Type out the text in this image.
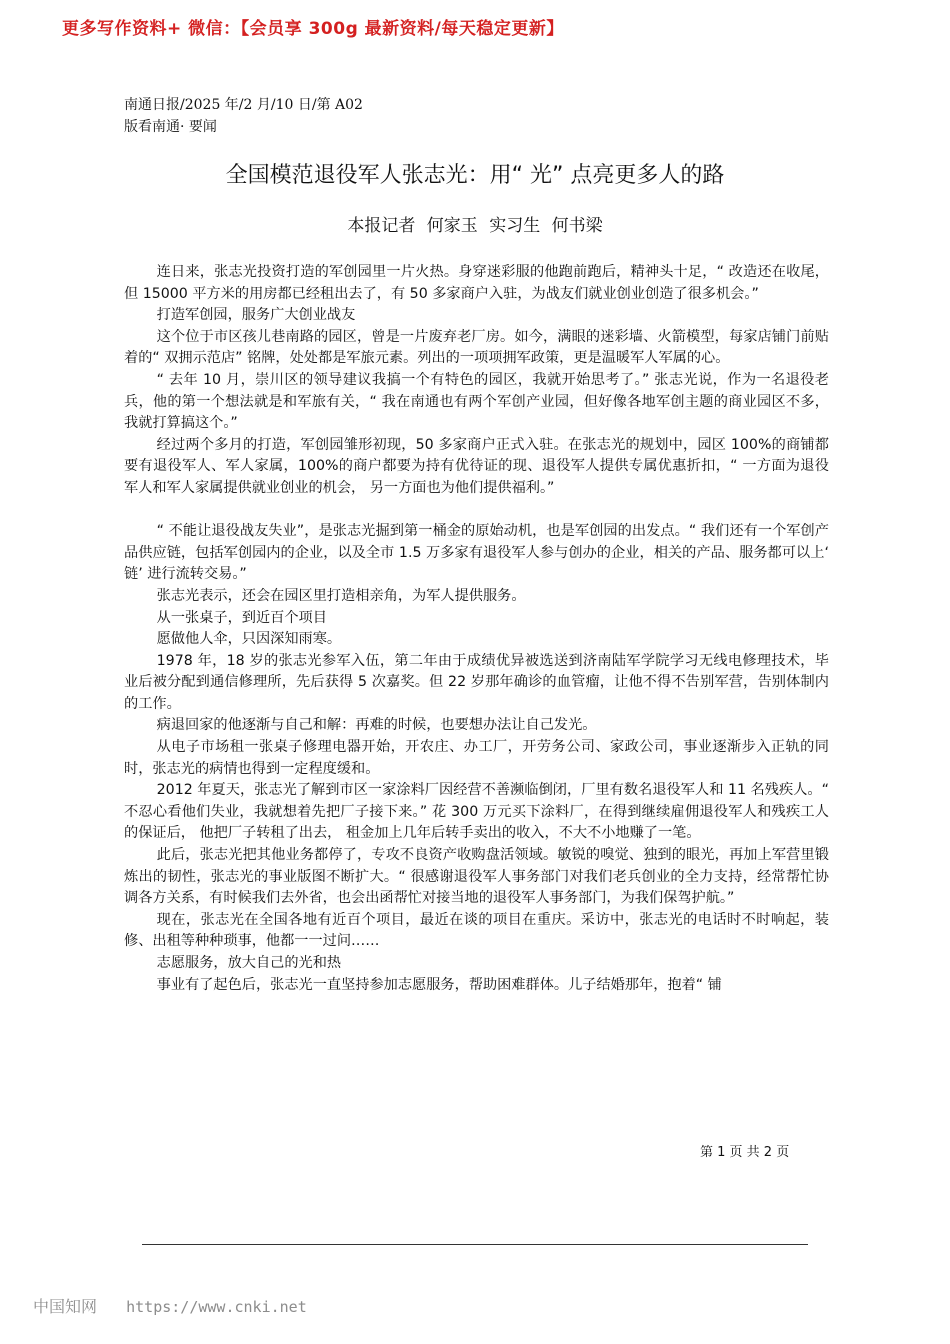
更多写作资料+ 微信：【会员享 300g 最新资料/每天稳定更新】
南通日报/2025 年/2 月/10 日/第 A02
版看南通· 要闻
全国模范退役军人张志光：用“ 光” 点亮更多人的路
本报记者 何家玉 实习生 何书梁

连日来，张志光投资打造的军创园里一片火热。身穿迷彩服的他跑前跑后，精神头十足，“ 改造还在收尾，但 15000 平方米的用房都已经租出去了，有 50 多家商户入驻，为战友们就业创业创造了很多机会。”

打造军创园，服务广大创业战友

这个位于市区孩儿巷南路的园区，曾是一片废弃老厂房。如今，满眼的迷彩墙、火箭模型，每家店铺门前贴着的“ 双拥示范店” 铭牌，处处都是军旅元素。列出的一项项拥军政策，更是温暖军人军属的心。

“ 去年 10 月，崇川区的领导建议我搞一个有特色的园区，我就开始思考了。” 张志光说，作为一名退役老兵，他的第一个想法就是和军旅有关，“ 我在南通也有两个军创产业园，但好像各地军创主题的商业园区不多，我就打算搞这个。”

经过两个多月的打造，军创园雏形初现，50 多家商户正式入驻。在张志光的规划中，园区 100%的商铺都要有退役军人、军人家属，100%的商户都要为持有优待证的现、退役军人提供专属优惠折扣，“ 一方面为退役军人和军人家属提供就业创业的机会， 另一方面也为他们提供福利。”

“ 不能让退役战友失业”，是张志光掘到第一桶金的原始动机，也是军创园的出发点。“ 我们还有一个军创产品供应链，包括军创园内的企业，以及全市 1.5 万多家有退役军人参与创办的企业，相关的产品、服务都可以上‘ 链’ 进行流转交易。”

张志光表示，还会在园区里打造相亲角，为军人提供服务。

从一张桌子，到近百个项目

愿做他人伞，只因深知雨寒。

1978 年，18 岁的张志光参军入伍，第二年由于成绩优异被选送到济南陆军学院学习无线电修理技术，毕业后被分配到通信修理所，先后获得 5 次嘉奖。但 22 岁那年确诊的血管瘤，让他不得不告别军营，告别体制内的工作。

病退回家的他逐渐与自己和解：再难的时候，也要想办法让自己发光。

从电子市场租一张桌子修理电器开始，开农庄、办工厂，开劳务公司、家政公司，事业逐渐步入正轨的同时，张志光的病情也得到一定程度缓和。

2012 年夏天，张志光了解到市区一家涂料厂因经营不善濒临倒闭，厂里有数名退役军人和 11 名残疾人。“ 不忍心看他们失业，我就想着先把厂子接下来。” 花 300 万元买下涂料厂，在得到继续雇佣退役军人和残疾工人的保证后， 他把厂子转租了出去， 租金加上几年后转手卖出的收入，不大不小地赚了一笔。

此后，张志光把其他业务都停了，专攻不良资产收购盘活领域。敏锐的嗅觉、独到的眼光，再加上军营里锻炼出的韧性，张志光的事业版图不断扩大。“ 很感谢退役军人事务部门对我们老兵创业的全力支持，经常帮忙协调各方关系，有时候我们去外省，也会出函帮忙对接当地的退役军人事务部门，为我们保驾护航。”

现在，张志光在全国各地有近百个项目，最近在谈的项目在重庆。采访中，张志光的电话时不时响起，装修、出租等种种琐事，他都一一过问……

志愿服务，放大自己的光和热

事业有了起色后，张志光一直坚持参加志愿服务，帮助困难群体。儿子结婚那年，抱着“ 铺

第 1 页 共 2 页
中国知网 https://www.cnki.net
